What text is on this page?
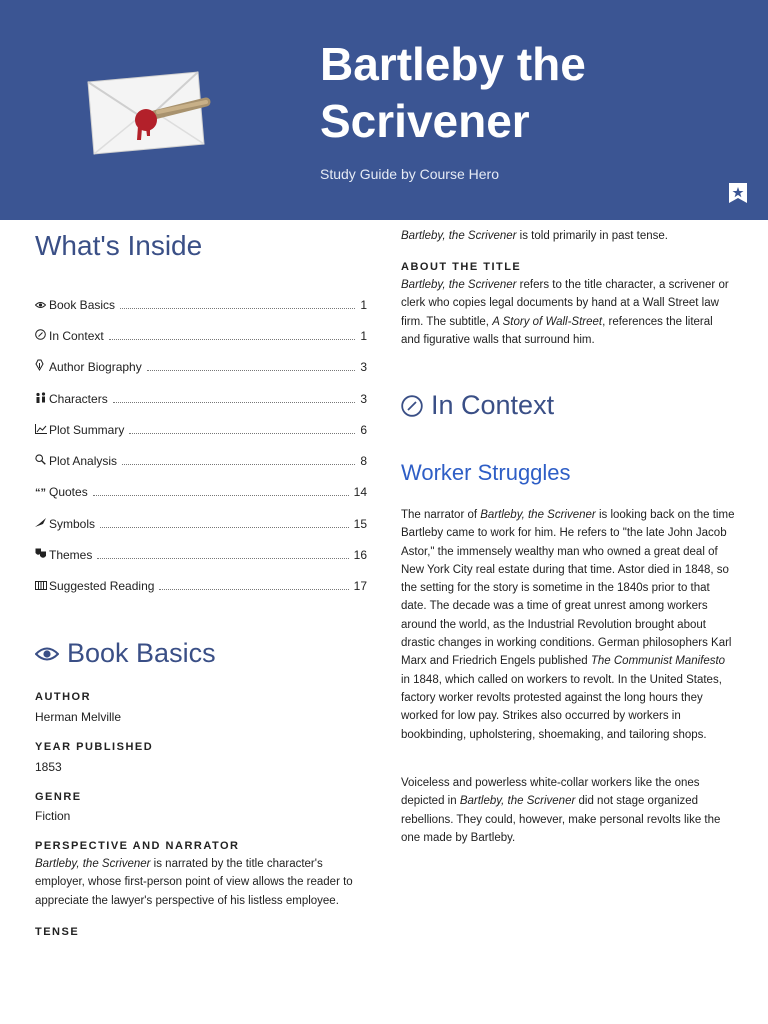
Bartleby the
Scrivener
Study Guide by Course Hero
What's Inside
Book Basics	1
In Context	1
Author Biography	3
Characters	3
Plot Summary	6
Plot Analysis	8
“” Quotes	14
Symbols	15
Themes	16
Suggested Reading	17
Book Basics
AUTHOR
Herman Melville
YEAR PUBLISHED
1853
GENRE
Fiction
PERSPECTIVE AND NARRATOR

Bartleby, the Scrivener is narrated by the title character's employer, whose first-person point of view allows the reader to appreciate the lawyer's perspective of his listless employee.

TENSE

Bartleby, the Scrivener is told primarily in past tense.

ABOUT THE TITLE

Bartleby, the Scrivener refers to the title character, a scrivener or clerk who copies legal documents by hand at a Wall Street law firm. The subtitle, A Story of Wall-Street, references the literal and figurative walls that surround him.

In Context
Worker Struggles

The narrator of Bartleby, the Scrivener is looking back on the time Bartleby came to work for him. He refers to "the late John Jacob Astor," the immensely wealthy man who owned a great deal of New York City real estate during that time. Astor died in 1848, so the setting for the story is sometime in the 1840s prior to that date. The decade was a time of great unrest among workers around the world, as the Industrial Revolution brought about drastic changes in working conditions. German philosophers Karl Marx and Friedrich Engels published The Communist Manifesto in 1848, which called on workers to revolt. In the United States, factory worker revolts protested against the long hours they worked for low pay. Strikes also occurred by workers in bookbinding, upholstering, shoemaking, and tailoring shops.

Voiceless and powerless white-collar workers like the ones depicted in Bartleby, the Scrivener did not stage organized rebellions. They could, however, make personal revolts like the one made by Bartleby.
